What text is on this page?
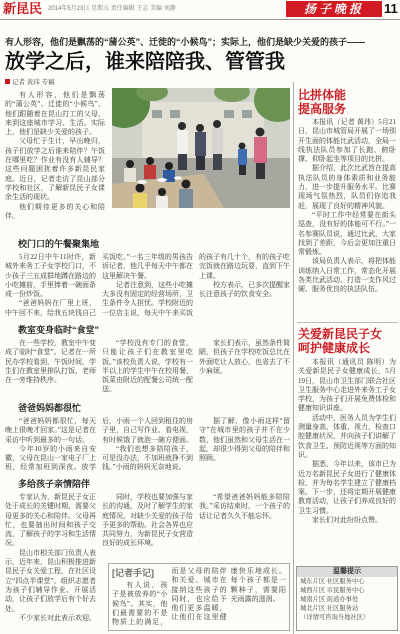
新昆民 2014年5月23日 星期五 责任编辑 王志 美编 刘静	扬子晚报	11
有人形容，他们是飘荡的“蒲公英”、迁徙的“小候鸟”；实际上，他们是缺少关爱的孩子——
放学之后，谁来陪陪我、管管我
记者 黄玮 专稿

有人形容，他们是飘荡的“蒲公英”、迁徙的“小候鸟”，他们跟随着在昆山打工的父母，来到这座城市学习、生活。实际上，他们是缺少关爱的孩子。

父母忙于生计，早出晚归，孩子们放学之后谁来陪伴？午饭在哪里吃？作业有没有人辅导？这些问题困扰着许多新昆民家庭。近日，记者走访了昆山部分学校和社区，了解新昆民子女课余生活的现状。

他们期待更多的关心和陪伴。

校门口的午餐聚集地

5月22日中午11时许，新城外来务工子女学校门口，不少孩子三五成群地蹲在路边的小吃摊前，手里捧着一碗面条或一份炒饭。

“爸爸妈妈在厂里上班，中午回不来，给我五块钱自己买饭吃。”一名三年级的男孩告诉记者，他几乎每天中午都在这里解决午餐。

记者注意到，这些小吃摊大多没有固定的经营场所，卫生条件令人担忧。学校附近的一位店主说，每天中午来买饭的孩子有几十个，有的孩子吃完饭就在路边玩耍，直到下午上课。

校方表示，已多次提醒家长注意孩子的饮食安全。

教室变身临时“食堂”

在一些学校，教室中午变成了临时“食堂”。记者在一所民办学校看到，午饭时间，学生们在教室里排队打饭，老师在一旁维持秩序。

“学校没有专门的食堂，只能让孩子们在教室里吃饭。”该校负责人说，学校有一半以上的学生中午在校用餐，饭菜由附近的配餐公司统一配送。

家长们表示，虽然条件简陋，但孩子在学校吃饭总比在外面吃让人放心，也省去了不少麻烦。

爸爸妈妈都很忙

“爸爸妈妈都很忙，每天晚上很晚才回家。”这是记者在采访中听到最多的一句话。

今年10岁的小雨来自安徽，父母在昆山一家电子厂上班，经常加班到深夜。放学后，小雨一个人回到租住的房子里，自己写作业、看电视，有时候饿了就泡一碗方便面。

“我们也想多陪陪孩子，可是没办法，不加班就挣不到钱。”小雨的妈妈无奈地说。

据了解，像小雨这样“留守”在城市里的孩子并不在少数，他们虽然和父母生活在一起，却很少得到父母的陪伴和照顾。

多给孩子亲情陪伴

专家认为，新昆民子女正处于成长的关键时期，需要父母更多的关心和陪伴。父母再忙，也要抽出时间和孩子交流，了解孩子的学习和生活情况。

昆山市相关部门负责人表示，近年来，昆山积极推进新昆民子女关爱工程，在社区设立“四点半课堂”，组织志愿者为孩子们辅导作业、开展活动，让孩子们放学后有个好去处。

不少家长对此表示欢迎。

同时，学校也要加强与家长的沟通，及时了解学生的家庭情况，对缺少关爱的孩子给予更多的帮助。社会各界也应共同努力，为新昆民子女营造良好的成长环境。

“希望爸爸妈妈能多陪陪我。”采访结束时，一个孩子的话让记者久久不能忘怀。

[记者手记]

有人说，孩子是被放养的“小候鸟”。其实，他们最需要的不是物质上的满足，而是父母的陪伴和关爱。城市在接纳这些孩子的同时，也应给予他们更多温暖，让他们在这里健康快乐地成长。每个孩子都是一颗种子，需要阳光雨露的滋润。

比拼体能
提高服务

本报讯（记者 黄玮）5月21日，昆山市城管局开展了一场别开生面的体能比武活动，全局一线执法队员参加了长跑、俯卧撑、仰卧起坐等项目的比拼。

据介绍，此次比武旨在提高执法队员的身体素质和业务能力，进一步提升服务水平。比赛现场气氛热烈，队员们你追我赶，展现了良好的精神风貌。

“平时工作中经常要在街头巡查，没有好的体能可不行。”一名参赛队员说，通过比武，大家找到了差距，今后会更加注重日常锻炼。

该局负责人表示，将把体能训练纳入日常工作，常态化开展各类比武活动，打造一支作风过硬、服务优良的执法队伍。

关爱新昆民子女
呵护健康成长

本报讯（通讯员 陈明）为关爱新昆民子女健康成长，5月19日，昆山市卫生部门联合社区卫生服务中心走进外来务工子女学校，为孩子们开展免费体检和健康知识讲座。

活动中，医务人员为学生们测量身高、体重、视力，检查口腔健康状况，并向孩子们讲解了饮食卫生、预防近视等方面的知识。

据悉，今年以来，该市已为近万名新昆民子女进行了健康体检，并为每名学生建立了健康档案。下一步，还将定期开展健康教育活动，让孩子们养成良好的卫生习惯。

家长们对此纷纷点赞。

温馨提示
城东片区 社区服务中心
城西片区 市民服务中心
城南片区 街道办事处
城北片区 社区服务站
（详情可咨询当地社区）
